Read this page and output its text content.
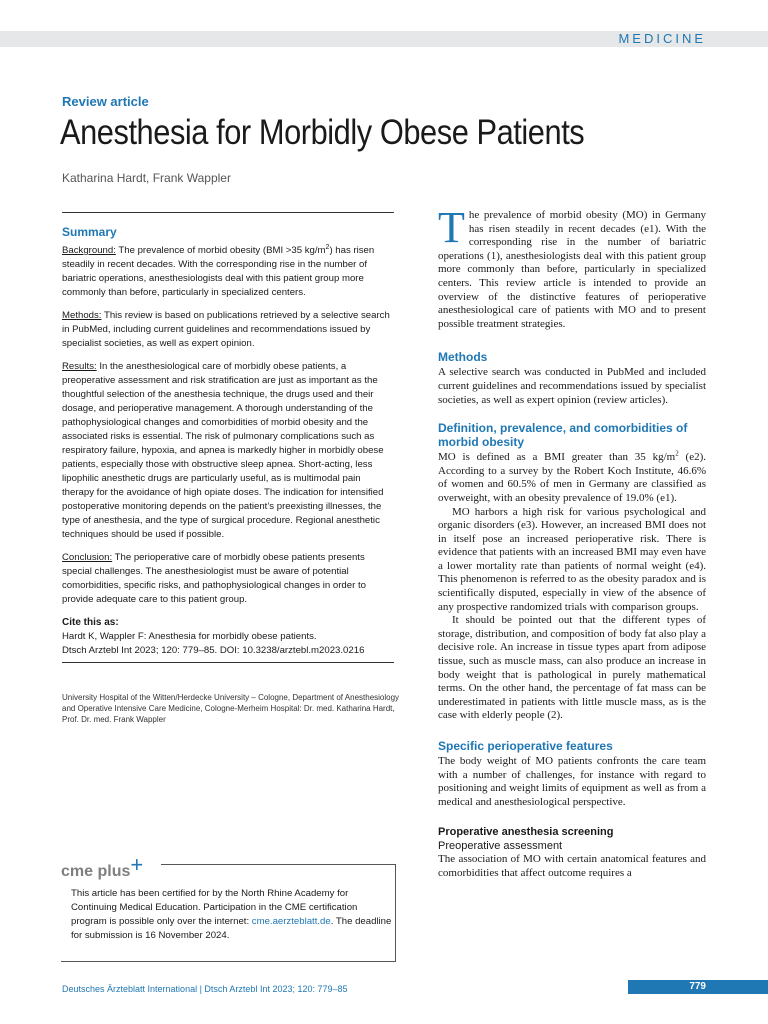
MEDICINE
Review article
Anesthesia for Morbidly Obese Patients
Katharina Hardt, Frank Wappler
Summary

Background: The prevalence of morbid obesity (BMI >35 $kg/m^2$) has risen steadily in recent decades. With the corresponding rise in the number of bariatric operations, anesthesiologists deal with this patient group more commonly than before, particularly in specialized centers.

Methods: This review is based on publications retrieved by a selective search in PubMed, including current guidelines and recommendations issued by specialist societies, as well as expert opinion.

Results: In the anesthesiological care of morbidly obese patients, a preoperative assessment and risk stratification are just as important as the thoughtful selection of the anesthesia technique, the drugs used and their dosage, and perioperative management. A thorough understanding of the pathophysiological changes and comorbidities of morbid obesity and the associated risks is essential. The risk of pulmonary complications such as respiratory failure, hypoxia, and apnea is markedly higher in morbidly obese patients, especially those with obstructive sleep apnea. Short-acting, less lipophilic anesthetic drugs are particularly useful, as is multimodal pain therapy for the avoidance of high opiate doses. The indication for intensified postoperative monitoring depends on the patient’s preexisting illnesses, the type of anesthesia, and the type of surgical procedure. Regional anesthetic techniques should be used if possible.

Conclusion: The perioperative care of morbidly obese patients presents special challenges. The anesthesiologist must be aware of potential comorbidities, specific risks, and pathophysiological changes in order to provide adequate care to this patient group.

Cite this as:

Hardt K, Wappler F: Anesthesia for morbidly obese patients.

Dtsch Arztebl Int 2023; 120: 779–85. DOI: 10.3238/arztebl.m2023.0216

University Hospital of the Witten/Herdecke University – Cologne, Department of Anesthesiology and Operative Intensive Care Medicine, Cologne-Merheim Hospital: Dr. med. Katharina Hardt, Prof. Dr. med. Frank Wappler
This article has been certified for by the North Rhine Academy for Continuing Medical Education. Participation in the CME certification program is possible only over the internet: cme.aerzteblatt.de. The deadline for submission is 16 November 2024.
cme plus+

The prevalence of morbid obesity (MO) in Germany has risen steadily in recent decades (e1). With the corresponding rise in the number of bariatric operations (1), anesthesiologists deal with this patient group more commonly than before, particularly in specialized centers. This review article is intended to provide an overview of the distinctive features of perioperative anesthesiological care of patients with MO and to present possible treatment strategies.

Methods

A selective search was conducted in PubMed and included current guidelines and recommendations issued by specialist societies, as well as expert opinion (review articles).

Definition, prevalence, and comorbidities of morbid obesity

MO is defined as a BMI greater than 35 $kg/m^2$ (e2). According to a survey by the Robert Koch Institute, 46.6% of women and 60.5% of men in Germany are classified as overweight, with an obesity prevalence of 19.0% (e1).

MO harbors a high risk for various psychological and organic disorders (e3). However, an increased BMI does not in itself pose an increased perioperative risk. There is evidence that patients with an increased BMI may even have a lower mortality rate than patients of normal weight (e4). This phenomenon is referred to as the obesity paradox and is scientifically disputed, especially in view of the absence of any prospective randomized trials with comparison groups.

It should be pointed out that the different types of storage, distribution, and composition of body fat also play a decisive role. An increase in tissue types apart from adipose tissue, such as muscle mass, can also produce an increase in body weight that is pathological in purely mathematical terms. On the other hand, the percentage of fat mass can be underestimated in patients with little muscle mass, as is the case with elderly people (2).

Specific perioperative features

The body weight of MO patients confronts the care team with a number of challenges, for instance with regard to positioning and weight limits of equipment as well as from a medical and anesthesiological perspective.

Properative anesthesia screening

Preoperative assessment

The association of MO with certain anatomical features and comorbidities that affect outcome requires a

Deutsches Ärzteblatt International | Dtsch Arztebl Int 2023; 120: 779–85	779
